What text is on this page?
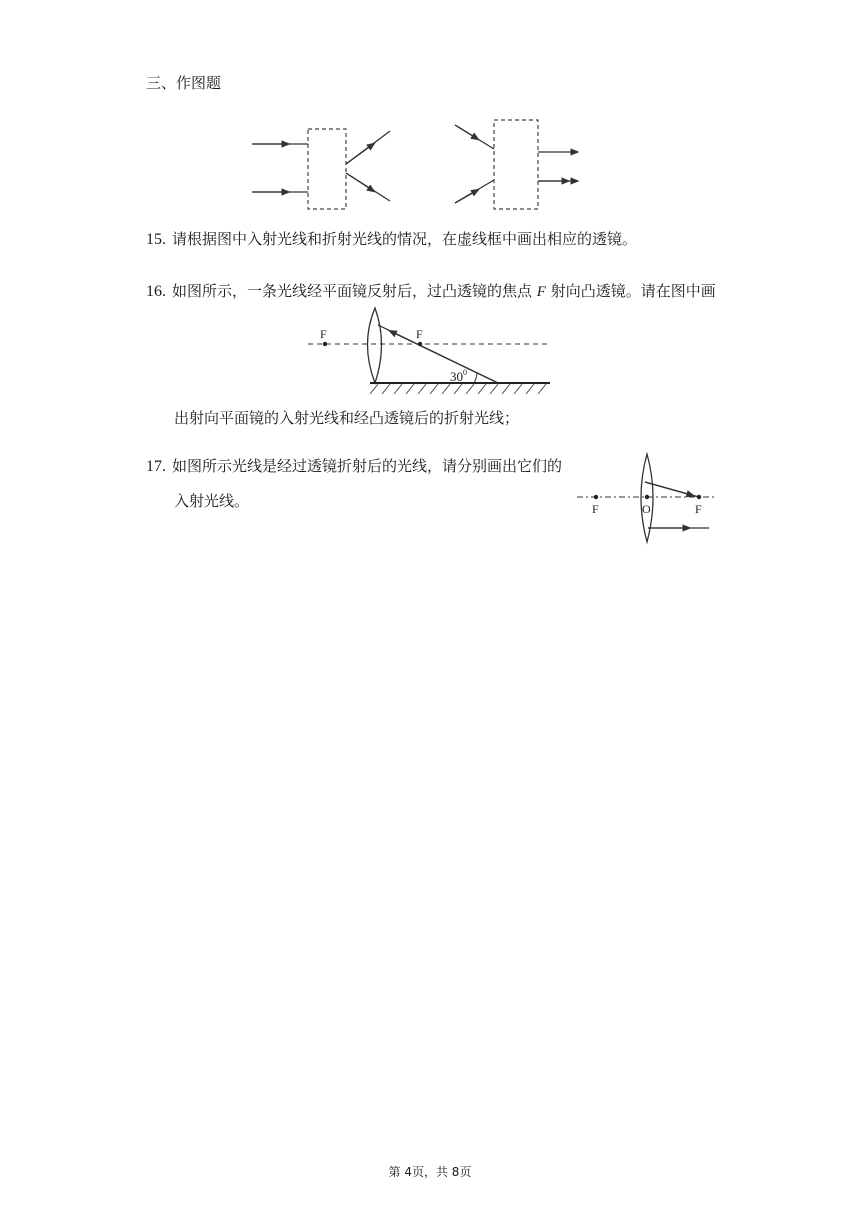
三、作图题
15. 请根据图中入射光线和折射光线的情况，在虚线框中画出相应的透镜。
16. 如图所示，一条光线经平面镜反射后，过凸透镜的焦点 F 射向凸透镜。请在图中画
F	F
$30^0$
出射向平面镜的入射光线和经凸透镜后的折射光线；
17. 如图所示光线是经过透镜折射后的光线，请分别画出它们的
入射光线。	F	O	F
第 4页，共 8页
